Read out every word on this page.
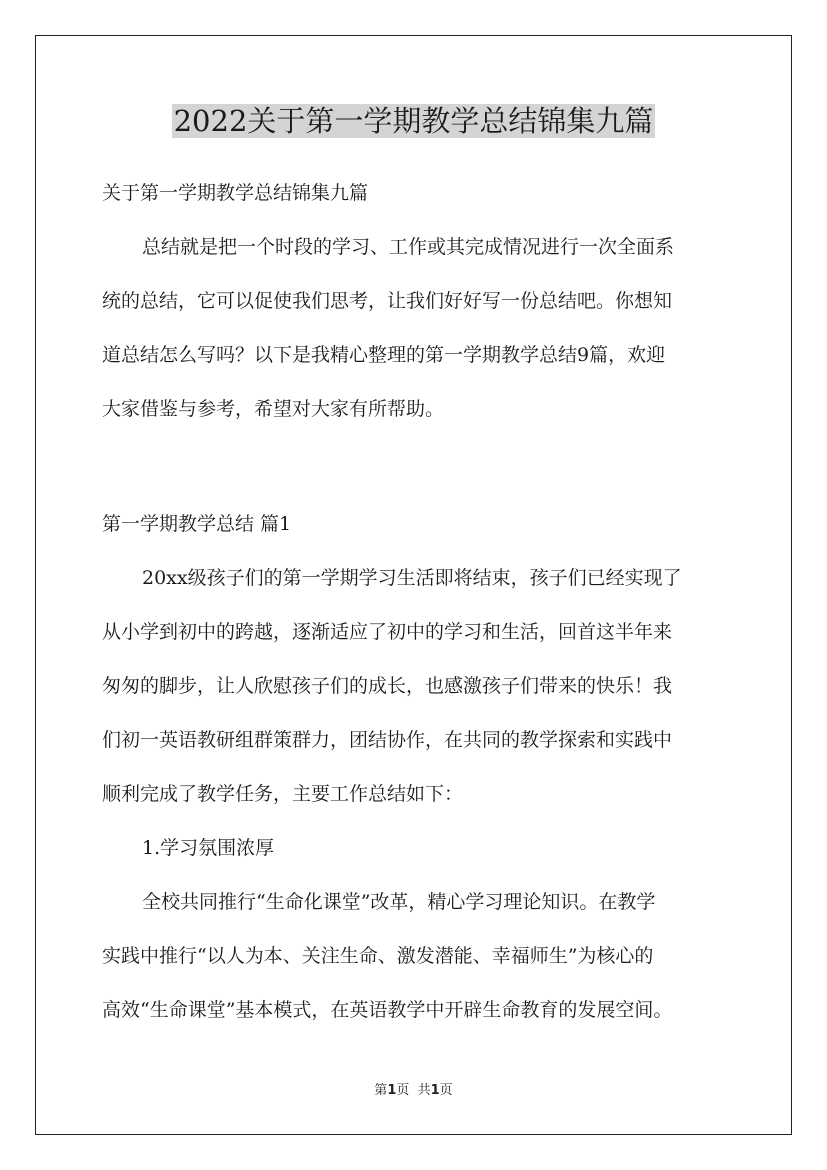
2022关于第一学期教学总结锦集九篇

关于第一学期教学总结锦集九篇

总结就是把一个时段的学习、工作或其完成情况进行一次全面系

统的总结，它可以促使我们思考，让我们好好写一份总结吧。你想知

道总结怎么写吗？以下是我精心整理的第一学期教学总结9篇，欢迎

大家借鉴与参考，希望对大家有所帮助。

第一学期教学总结 篇1

20xx级孩子们的第一学期学习生活即将结束，孩子们已经实现了

从小学到初中的跨越，逐渐适应了初中的学习和生活，回首这半年来

匆匆的脚步，让人欣慰孩子们的成长，也感激孩子们带来的快乐！我

们初一英语教研组群策群力，团结协作，在共同的教学探索和实践中

顺利完成了教学任务，主要工作总结如下：

1.学习氛围浓厚

全校共同推行“生命化课堂”改革，精心学习理论知识。在教学

实践中推行“以人为本、关注生命、激发潜能、幸福师生”为核心的

高效“生命课堂”基本模式，在英语教学中开辟生命教育的发展空间。

第1页  共1页
